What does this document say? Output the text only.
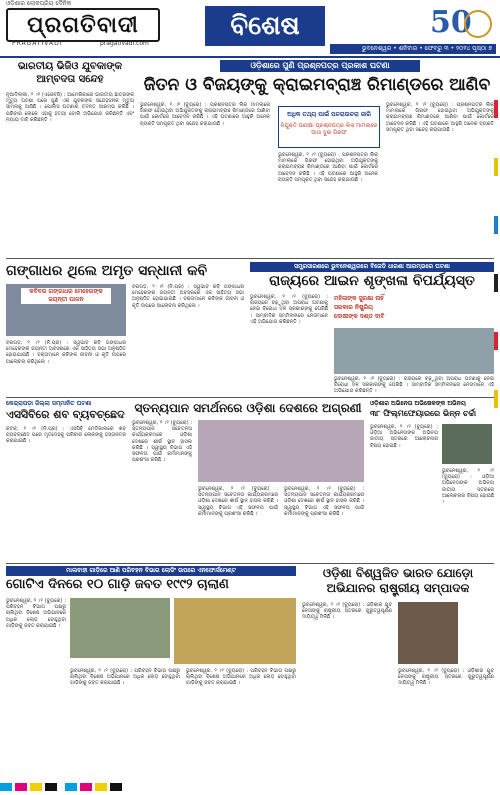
ଓଡ଼ିଶାର ଲୋକପ୍ରିୟ ଦୈନିକ
ପ୍ରଗତିବାଦୀ
PRAGATIVADI	pragativadi.com
ବିଶେଷ	50
ଭୁବନେଶ୍ୱର • ଶନିବାର • ଫେବ୍ରୁ ୩ • ୨୦୨୪ ପୃଷ୍ଠା ୭
ଭାରତୀୟ ଭିଜିଓ ଯୁବକାଙ୍କ ଆମ୍ବଦତା ସନ୍ଦେହ
ନୂଆଦିଲ୍ଲୀ, ୨ ।୧ (ଏଜେନ୍ସି) : ଆମେରିକାରେ ଭାରତୀୟ ଛାତ୍ରଙ୍କ ମୃତ୍ୟୁ ଘଟଣା ପରେ ପୁଣି ଏକ ଯୁବକଙ୍କ ସନ୍ଦେହଜନକ ମୃତ୍ୟୁ ସାମ୍ନାକୁ ଆସିଛି । ପୋଲିସ ଘଟଣାର ତଦନ୍ତ ଆରମ୍ଭ କରିଛି । ପରିବାର ଲୋକେ ଏହାକୁ ହତ୍ୟା ବୋଲି ଅଭିଯୋଗ କରିଛନ୍ତି ଏବଂ ନ୍ୟାୟ ଦାବି କରିଛନ୍ତି ।
ଓଡ଼ିଶାରେ ପୁଣି ପ୍ରଶ୍ନପତ୍ର ପ୍ରକାଶ ଘଟଣା
ଜିତନ ଓ ବିଜୟଙ୍କୁ କ୍ରାଇମବ୍ରାଞ୍ଚ ରିମାଣ୍ଡରେ ଆଣିବ
ଭୁବନେଶ୍ୱର, ୨ ।୨ (ବ୍ୟୁରୋ) : ପ୍ରଶ୍ନପତ୍ର ଲିକ୍ ମାମଲାରେ ଗିରଫ ହୋଇଥିବା ଅଭିଯୁକ୍ତଙ୍କୁ କ୍ରାଇମବ୍ରାଞ୍ଚ ରିମାଣ୍ଡରେ ଆଣିବା ପାଇଁ କୋର୍ଟରେ ଆବେଦନ କରିଛି । ଏହି ଘଟଣାରେ ଆହୁରି ଅନେକ ବ୍ୟକ୍ତି ସମ୍ପୃକ୍ତ ଥିବା ସନ୍ଦେହ କରାଯାଉଛି ।
ଅଧିକ ତଥ୍ୟ ପାଇଁ ପଚରାଉଚରା ଜାରି
ନିଯୁକ୍ତି ପରୀକ୍ଷା ପ୍ରଶ୍ନପତ୍ର ଲିକ୍ ମାମଲାରେ ଆଉ ଦୁଇ ଗିରଫ
ଭୁବନେଶ୍ୱର, ୨ ।୨ (ବ୍ୟୁରୋ) : ପ୍ରଶ୍ନପତ୍ର ଲିକ୍ ମାମଲାରେ ଗିରଫ ହୋଇଥିବା ଅଭିଯୁକ୍ତଙ୍କୁ କ୍ରାଇମବ୍ରାଞ୍ଚ ରିମାଣ୍ଡରେ ଆଣିବା ପାଇଁ କୋର୍ଟରେ ଆବେଦନ କରିଛି । ଏହି ଘଟଣାରେ ଆହୁରି ଅନେକ ବ୍ୟକ୍ତି ସମ୍ପୃକ୍ତ ଥିବା ସନ୍ଦେହ କରାଯାଉଛି ।
ଭୁବନେଶ୍ୱର, ୨ ।୨ (ବ୍ୟୁରୋ) : ପ୍ରଶ୍ନପତ୍ର ଲିକ୍ ମାମଲାରେ ଗିରଫ ହୋଇଥିବା ଅଭିଯୁକ୍ତଙ୍କୁ କ୍ରାଇମବ୍ରାଞ୍ଚ ରିମାଣ୍ଡରେ ଆଣିବା ପାଇଁ କୋର୍ଟରେ ଆବେଦନ କରିଛି । ଏହି ଘଟଣାରେ ଆହୁରି ଅନେକ ବ୍ୟକ୍ତି ସମ୍ପୃକ୍ତ ଥିବା ସନ୍ଦେହ କରାଯାଉଛି ।
ଗଙ୍ଗାଧର ଥିଲେ ଅମୃତ ସନ୍ଧାନୀ କବି
କବିବର ଗଙ୍ଗାଧର ମେହେରଙ୍କ ଜୟନ୍ତୀ ପାଳନ
ବରଗଡ଼, ୨ ।୨ (ନି.ପ୍ର) : ସ୍ୱଭାବ କବି ଗଙ୍ଗାଧର ମେହେରଙ୍କ ଜୟନ୍ତୀ ଅବସରରେ ଏକ ସାହିତ୍ୟ ସଭା ଅନୁଷ୍ଠିତ ହୋଇଯାଇଛି । ବକ୍ତାମାନେ କବିଙ୍କ ଜୀବନୀ ଓ କୃତି ଉପରେ ଆଲୋଚନା କରିଥିଲେ ।
ବରଗଡ଼, ୨ ।୨ (ନି.ପ୍ର) : ସ୍ୱଭାବ କବି ଗଙ୍ଗାଧର ମେହେରଙ୍କ ଜୟନ୍ତୀ ଅବସରରେ ଏକ ସାହିତ୍ୟ ସଭା ଅନୁଷ୍ଠିତ ହୋଇଯାଇଛି । ବକ୍ତାମାନେ କବିଙ୍କ ଜୀବନୀ ଓ କୃତି ଉପରେ ଆଲୋଚନା କରିଥିଲେ ।
ସମ୍ପ୍ରସାରଣରେ ଭୁବନେଶ୍ୱରରେ ବିଜେଡି ଧାରଣା ଆରମ୍ଭରେ ଘଟଣା
ରାଜ୍ୟରେ ଆଇନ ଶୃଙ୍ଖଳା ବିପର୍ଯ୍ୟସ୍ତ
ଭୁବନେଶ୍ୱର, ୨ ।୨ (ବ୍ୟୁରୋ) : ରାଜ୍ୟରେ ବଢ଼ୁଥିବା ଅପରାଧ ଘଟଣାକୁ ନେଇ ବିରୋଧୀ ଦଳ ସରକାରଙ୍କୁ ଘେରିଛି । ସାମ୍ବାଦିକ ସମ୍ମିଳନୀରେ ନେତାମାନେ ଏହି ଅଭିଯୋଗ କରିଛନ୍ତି ।
ମହିଳାଙ୍କ ସୁରକ୍ଷା ନାହିଁ
ସରକାର ନିଷ୍କ୍ରିୟ
ଦୋଷୀଙ୍କ ଦଣ୍ଡ ଦାବି
ଭୁବନେଶ୍ୱର, ୨ ।୨ (ବ୍ୟୁରୋ) : ରାଜ୍ୟରେ ବଢ଼ୁଥିବା ଅପରାଧ ଘଟଣାକୁ ନେଇ ବିରୋଧୀ ଦଳ ସରକାରଙ୍କୁ ଘେରିଛି । ସାମ୍ବାଦିକ ସମ୍ମିଳନୀରେ ନେତାମାନେ ଏହି ଅଭିଯୋଗ କରିଛନ୍ତି ।
କେନ୍ଦ୍ରାପଡ଼ା ଜିଲ୍ଲା ସମ୍ମାନିତ ଘଟଣା
ଏସସିବିରେ ଶବ ବ୍ୟବଚ୍ଛେଦ
କଟକ, ୨ ।୨ (ନି.ପ୍ର) : ଏସସିବି ମେଡିକାଲରେ ଶବ ବ୍ୟବଚ୍ଛେଦ ପରେ ମୃତଦେହକୁ ପରିବାର ଲୋକଙ୍କୁ ହସ୍ତାନ୍ତର କରାଯାଇଛି ।
ସ୍ତନ୍ୟପାନ ସମର୍ଥନରେ ଓଡ଼ିଶା ଦେଶରେ ଅଗ୍ରଣୀ
ଭୁବନେଶ୍ୱର, ୨ ।୨ (ବ୍ୟୁରୋ) : ସ୍ତନ୍ୟପାନ ସଚେତନତା କାର୍ଯ୍ୟକ୍ରମରେ ଓଡ଼ିଶା ଦେଶରେ ଶୀର୍ଷ ସ୍ଥାନ ହାସଲ କରିଛି । ସ୍ୱାସ୍ଥ୍ୟ ବିଭାଗ ଏହି ସଫଳତା ପାଇଁ କର୍ମୀମାନଙ୍କୁ ପ୍ରଶଂସା କରିଛି ।
ଭୁବନେଶ୍ୱର, ୨ ।୨ (ବ୍ୟୁରୋ) : ସ୍ତନ୍ୟପାନ ସଚେତନତା କାର୍ଯ୍ୟକ୍ରମରେ ଓଡ଼ିଶା ଦେଶରେ ଶୀର୍ଷ ସ୍ଥାନ ହାସଲ କରିଛି । ସ୍ୱାସ୍ଥ୍ୟ ବିଭାଗ ଏହି ସଫଳତା ପାଇଁ କର୍ମୀମାନଙ୍କୁ ପ୍ରଶଂସା କରିଛି ।
ଭୁବନେଶ୍ୱର, ୨ ।୨ (ବ୍ୟୁରୋ) : ସ୍ତନ୍ୟପାନ ସଚେତନତା କାର୍ଯ୍ୟକ୍ରମରେ ଓଡ଼ିଶା ଦେଶରେ ଶୀର୍ଷ ସ୍ଥାନ ହାସଲ କରିଛି । ସ୍ୱାସ୍ଥ୍ୟ ବିଭାଗ ଏହି ସଫଳତା ପାଇଁ କର୍ମୀମାନଙ୍କୁ ପ୍ରଶଂସା କରିଛି ।
ଓଡ଼ିଶାର ଅଭିନେତା ଅଭିଷେକଙ୍କ ଅଭିନୟ
୩୮ ଫିଲ୍ମଫେୟାରରେ ଭିନ୍ନ ଚର୍ଚ୍ଚା
ଭୁବନେଶ୍ୱର, ୨ ।୨ (ବ୍ୟୁରୋ) : ଓଡ଼ିଆ ଅଭିନେତାଙ୍କ ଅଭିନୟ ଜାତୀୟ ସ୍ତରରେ ଆଲୋଚନାର ବିଷୟ ହୋଇଛି ।
ଭୁବନେଶ୍ୱର, ୨ ।୨ (ବ୍ୟୁରୋ) : ଓଡ଼ିଆ ଅଭିନେତାଙ୍କ ଅଭିନୟ ଜାତୀୟ ସ୍ତରରେ ଆଲୋଚନାର ବିଷୟ ହୋଇଛି ।
ମାଲବାହୀ ଗାଡ଼ିରେ ଆଣି ପରିବହନ ବିଭାଗ ଲୋଡିଂ ଉପରେ ଏନଫୋର୍ସମେଣ୍ଟ
ଗୋଟିଏ ଦିନରେ ୧୦ ଗାଡ଼ି ଜବତ ୧୯୯୨ ଚାଲାଣ
ଭୁବନେଶ୍ୱର, ୨ ।୨ (ବ୍ୟୁରୋ) : ପରିବହନ ବିଭାଗ ପକ୍ଷରୁ ଚାଲିଥିବା ବିଶେଷ ଅଭିଯାନରେ ଅଧିକ ଲୋଡ଼ ବୋହୁଥିବା ଗାଡ଼ିଙ୍କୁ ଜବତ କରାଯାଇଛି ।
ଭୁବନେଶ୍ୱର, ୨ ।୨ (ବ୍ୟୁରୋ) : ପରିବହନ ବିଭାଗ ପକ୍ଷରୁ ଚାଲିଥିବା ବିଶେଷ ଅଭିଯାନରେ ଅଧିକ ଲୋଡ଼ ବୋହୁଥିବା ଗାଡ଼ିଙ୍କୁ ଜବତ କରାଯାଇଛି ।
ଭୁବନେଶ୍ୱର, ୨ ।୨ (ବ୍ୟୁରୋ) : ପରିବହନ ବିଭାଗ ପକ୍ଷରୁ ଚାଲିଥିବା ବିଶେଷ ଅଭିଯାନରେ ଅଧିକ ଲୋଡ଼ ବୋହୁଥିବା ଗାଡ଼ିଙ୍କୁ ଜବତ କରାଯାଇଛି ।
ଓଡ଼ିଶା ବିଶ୍ୱଜିତ ଭାରତ ଯୋଡ଼ୋ ଅଭିଯାନର ରାଷ୍ଟ୍ରୀୟ ସମ୍ପାଦକ
ଭୁବନେଶ୍ୱର, ୨ ।୨ (ବ୍ୟୁରୋ) : ଓଡ଼ିଶାର ଯୁବ ନେତାଙ୍କୁ ରାଷ୍ଟ୍ରୀୟ ସ୍ତରରେ ଗୁରୁତ୍ୱପୂର୍ଣ୍ଣ ଦାୟିତ୍ୱ ମିଳିଛି ।
ଭୁବନେଶ୍ୱର, ୨ ।୨ (ବ୍ୟୁରୋ) : ଓଡ଼ିଶାର ଯୁବ ନେତାଙ୍କୁ ରାଷ୍ଟ୍ରୀୟ ସ୍ତରରେ ଗୁରୁତ୍ୱପୂର୍ଣ୍ଣ ଦାୟିତ୍ୱ ମିଳିଛି ।
